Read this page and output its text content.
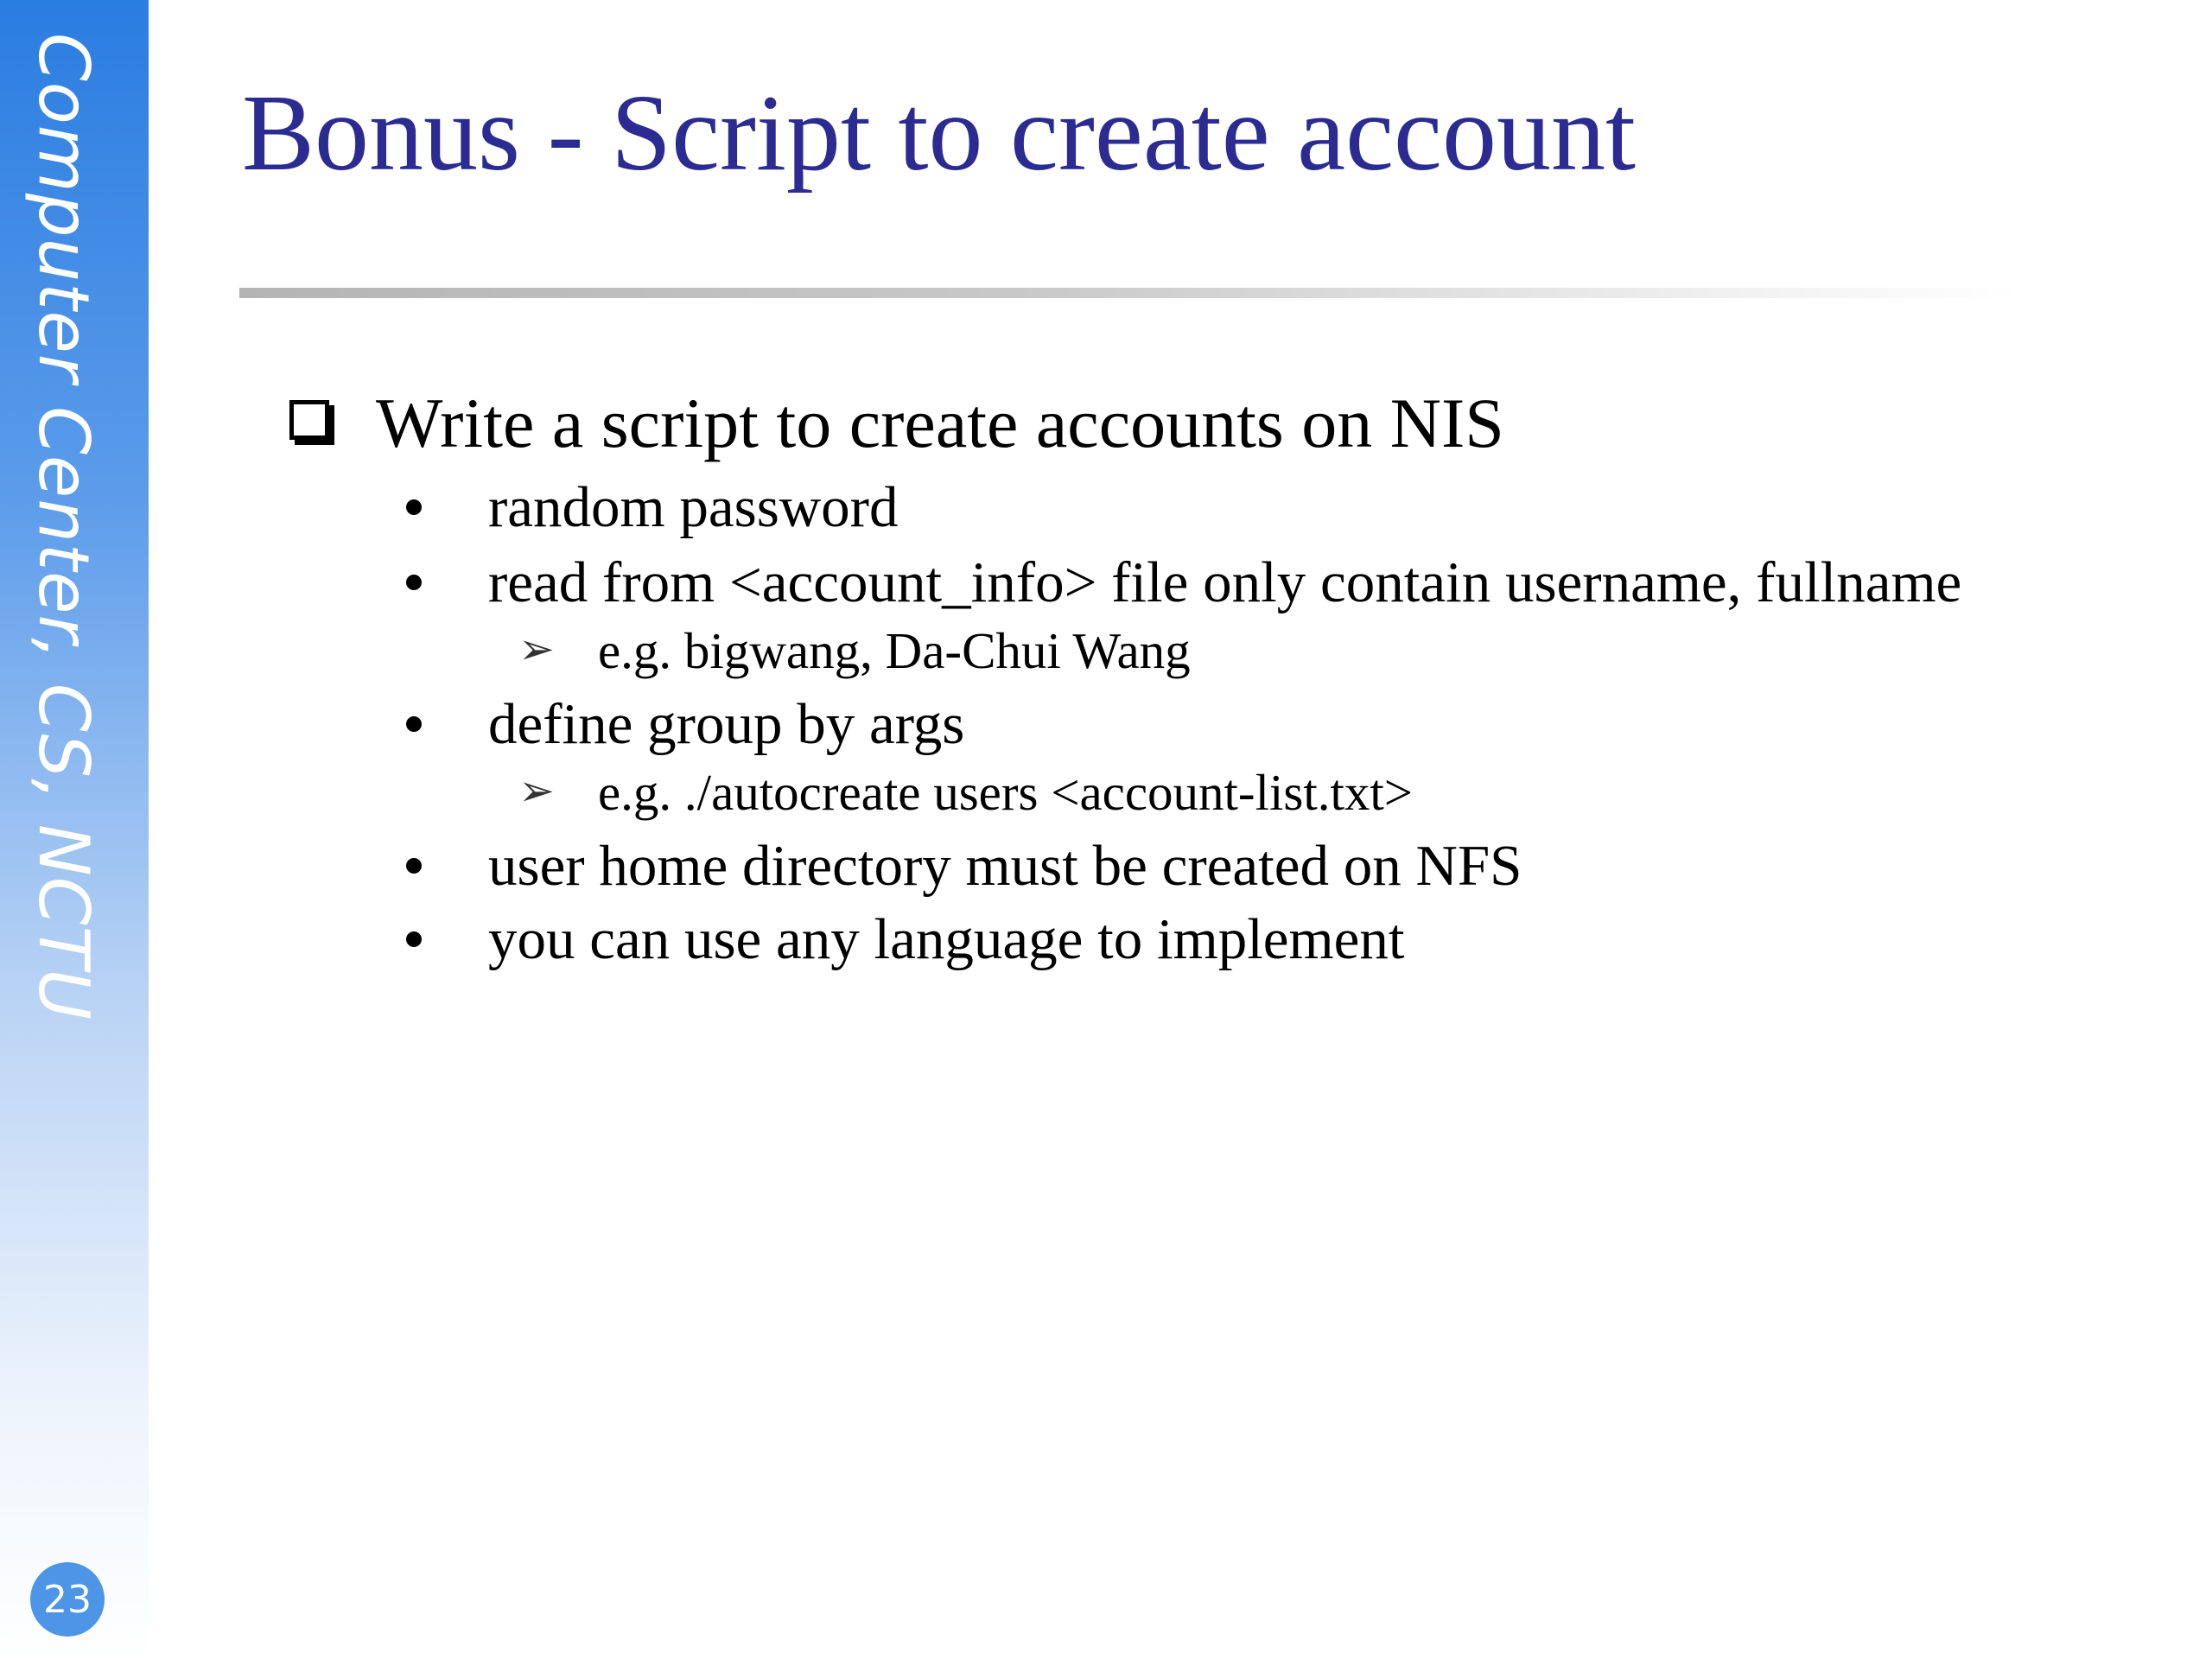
Computer Center, CS, NCTU
23
Bonus - Script to create account
Write a script to create accounts on NIS
random password
read from <account_info> file only contain username, fullname
➢ e.g. bigwang, Da-Chui Wang
define group by args
➢ e.g. ./autocreate users <account-list.txt>
user home directory must be created on NFS
you can use any language to implement
